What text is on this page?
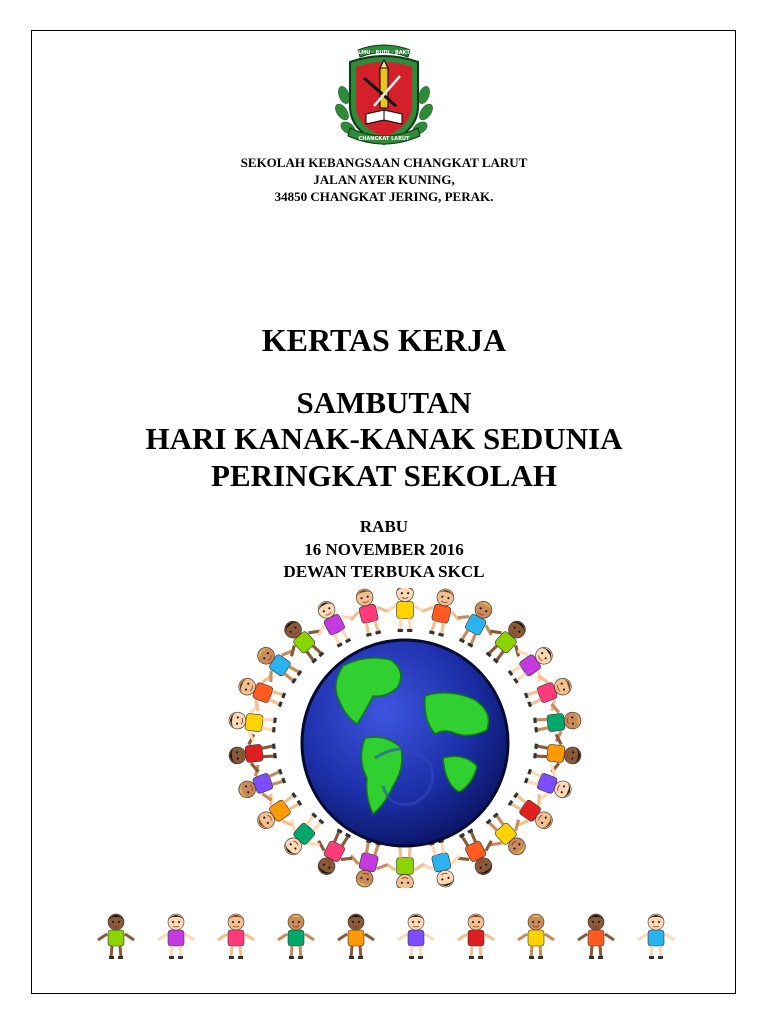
ILMU · BUDI · BAKTI
CHANGKAT LARUT
SEKOLAH KEBANGSAAN CHANGKAT LARUT
JALAN AYER KUNING,
34850 CHANGKAT JERING, PERAK.
KERTAS KERJA
SAMBUTAN
HARI KANAK-KANAK SEDUNIA
PERINGKAT SEKOLAH
RABU
16 NOVEMBER 2016
DEWAN TERBUKA SKCL
